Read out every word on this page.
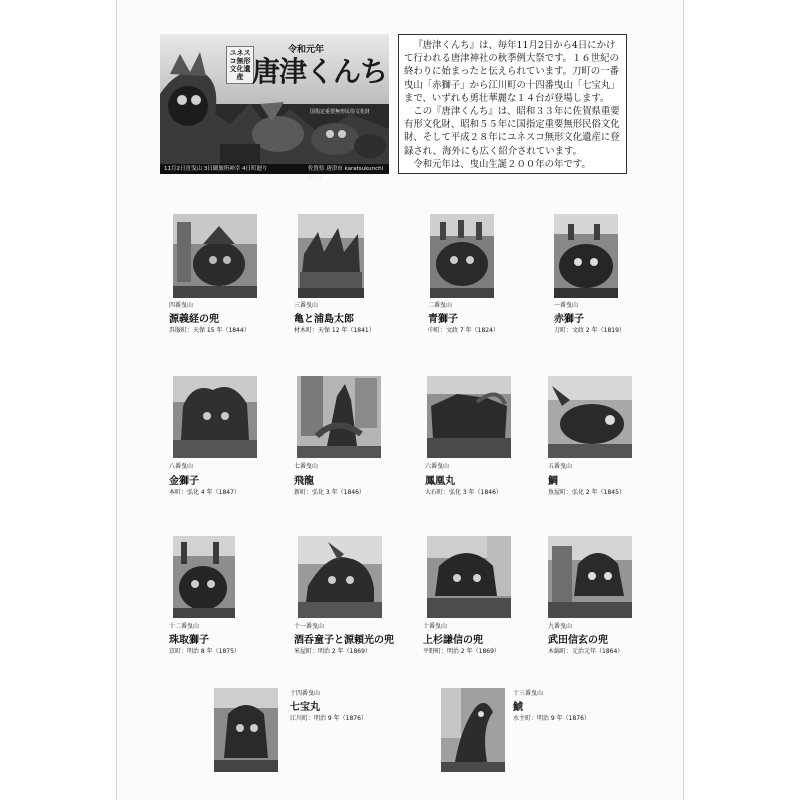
ユネスコ無形文化遺産
令和元年
唐津くんち
国指定重要無形民俗文化財
11月2日宵曳山 3日御旅所神幸 4日町廻り	佐賀県 唐津市 karatsukunchi 2019

『唐津くんち』は、毎年11月2日から4日にかけて行われる唐津神社の秋季例大祭です。１６世紀の終わりに始まったと伝えられています。刀町の一番曳山「赤獅子」から江川町の十四番曳山「七宝丸」まで、いずれも勇壮華麗な１４台が登場します。

この『唐津くんち』は、昭和３３年に佐賀県重要有形文化財、昭和５５年に国指定重要無形民俗文化財、そして平成２８年にユネスコ無形文化遺産に登録され、海外にも広く紹介されています。

令和元年は、曳山生誕２００年の年です。

四番曳山
源義経の兜
呉服町：天保 15 年（1844）
三番曳山
亀と浦島太郎
材木町：天保 12 年（1841）
二番曳山
青獅子
中町：文政 7 年（1824）
一番曳山
赤獅子
刀町：文政 2 年（1819）
八番曳山
金獅子
本町：弘化 4 年（1847）
七番曳山
飛龍
新町：弘化 3 年（1846）
六番曳山
鳳凰丸
大石町：弘化 3 年（1846）
五番曳山
鯛
魚屋町：弘化 2 年（1845）
十二番曳山
珠取獅子
京町：明治 8 年（1875）
十一番曳山
酒呑童子と源頼光の兜
米屋町：明治 2 年（1869）
十番曳山
上杉謙信の兜
平野町：明治 2 年（1869）
九番曳山
武田信玄の兜
木綿町：元治元年（1864）
十四番曳山
七宝丸
江川町：明治 9 年（1876）
十三番曳山
鯱
水主町：明治 9 年（1876）
